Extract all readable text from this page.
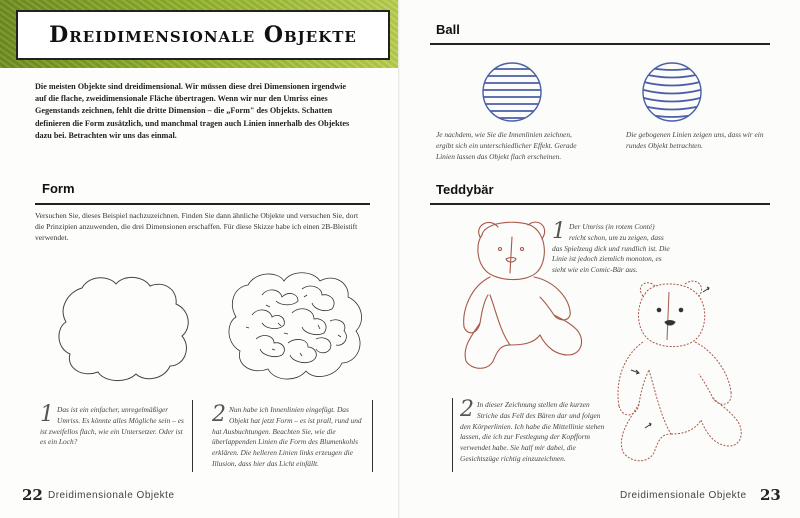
Dreidimensionale Objekte
Die meisten Objekte sind dreidimensional. Wir müssen diese drei Dimensionen irgendwie auf die flache, zweidimensionale Fläche übertragen. Wenn wir nur den Umriss eines Gegenstands zeichnen, fehlt die dritte Dimension – die „Form" des Objekts. Schatten definieren die Form zusätzlich, und manchmal tragen auch Linien innerhalb des Objektes dazu bei. Betrachten wir uns das einmal.
Form
Versuchen Sie, dieses Beispiel nachzuzeichnen. Finden Sie dann ähnliche Objekte und versuchen Sie, dort die Prinzipien anzuwenden, die drei Dimensionen erschaffen. Für diese Skizze habe ich einen 2B-Bleistift verwendet.
1 Das ist ein einfacher, unregelmäßiger Umriss. Es könnte alles Mögliche sein – es ist zweifellos flach, wie ein Untersetzer. Oder ist es ein Loch?
2 Nun habe ich Innenlinien eingefügt. Das Objekt hat jetzt Form – es ist prall, rund und hat Ausbuchtungen. Beachten Sie, wie die überlappenden Linien die Form des Blumenkohls erklären. Die helleren Linien links erzeugen die Illusion, dass hier das Licht einfällt.
22 Dreidimensionale Objekte
Ball
Je nachdem, wie Sie die Innenlinien zeichnen, ergibt sich ein unterschiedlicher Effekt. Gerade Linien lassen das Objekt flach erscheinen.
Die gebogenen Linien zeigen uns, dass wir ein rundes Objekt betrachten.
Teddybär
1 Der Umriss (in rotem Conté) reicht schon, um zu zeigen, dass das Spielzeug dick und rundlich ist. Die Linie ist jedoch ziemlich monoton, es sieht wie ein Comic-Bär aus.
2 In dieser Zeichnung stellen die kurzen Striche das Fell des Bären dar und folgen den Körperlinien. Ich habe die Mittellinie stehen lassen, die ich zur Festlegung der Kopfform verwendet habe. Sie half mir dabei, die Gesichtszüge richtig einzuzeichnen.
Dreidimensionale Objekte 23
